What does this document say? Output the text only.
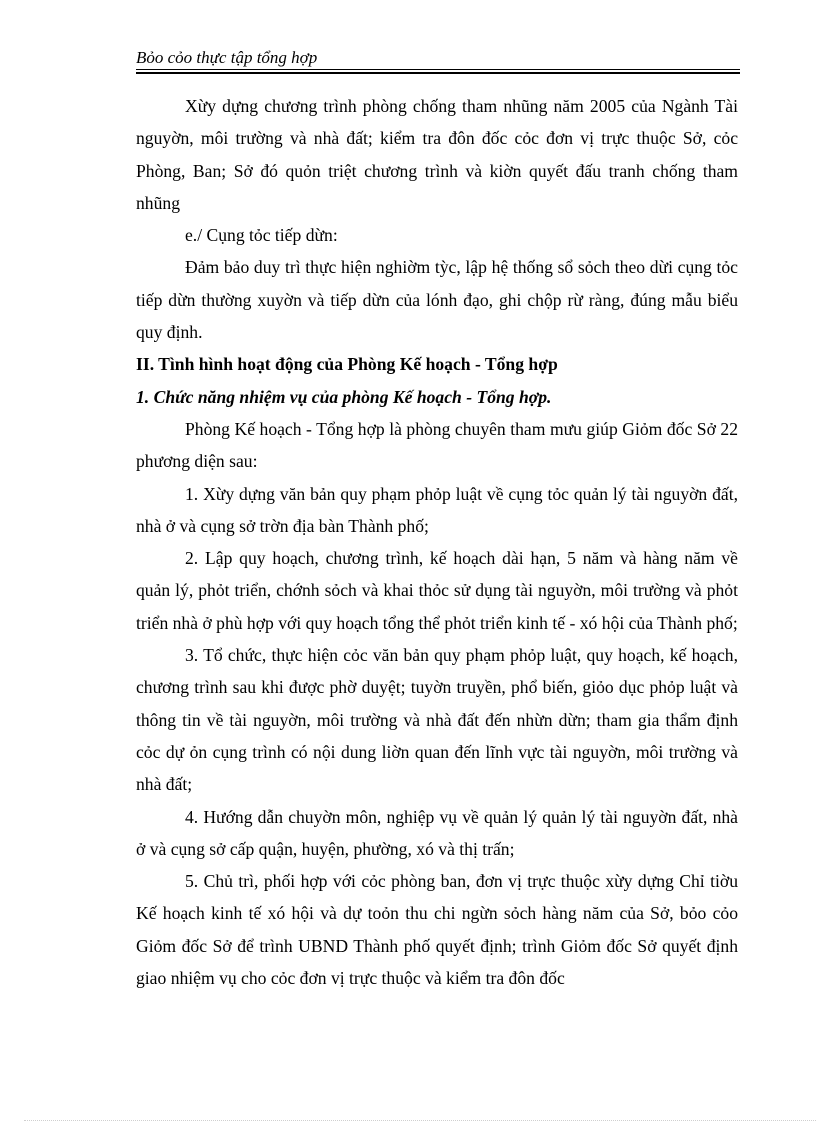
Bỏo cỏo thực tập tổng hợp

Xừy dựng chương trình phòng chống tham nhũng năm 2005 của Ngành Tài nguyờn, môi trường và nhà đất; kiểm tra đôn đốc cỏc đơn vị trực thuộc Sở, cỏc Phòng, Ban; Sở đó quỏn triệt chương trình và kiờn quyết đấu tranh chống tham nhũng

e./ Cụng tỏc tiếp dừn:

Đảm bảo duy trì thực hiện nghiờm tỳc, lập hệ thống sổ sỏch theo dừi cụng tỏc tiếp dừn thường xuyờn và tiếp dừn của lónh đạo, ghi chộp rừ ràng, đúng mẫu biểu quy định.

II. Tình hình hoạt động của Phòng Kế hoạch - Tổng hợp

1. Chức năng nhiệm vụ của phòng Kế hoạch - Tổng hợp.

Phòng Kế hoạch - Tổng hợp là phòng chuyên tham mưu giúp Giỏm đốc Sở 22 phương diện sau:

1. Xừy dựng văn bản quy phạm phỏp luật về cụng tỏc quản lý tài nguyờn đất, nhà ở và cụng sở trờn địa bàn Thành phố;

2. Lập quy hoạch, chương trình, kế hoạch dài hạn, 5 năm và hàng năm về quản lý, phỏt triển, chớnh sỏch và khai thỏc sử dụng tài nguyờn, môi trường và phỏt triển nhà ở phù hợp với quy hoạch tổng thể phỏt triển kinh tế - xó hội của Thành phố;

3. Tổ chức, thực hiện cỏc văn bản quy phạm phỏp luật, quy hoạch, kế hoạch, chương trình sau khi được phờ duyệt; tuyờn truyền, phổ biến, giỏo dục phỏp luật và thông tin về tài nguyờn, môi trường và nhà đất đến nhừn dừn; tham gia thẩm định cỏc dự ỏn cụng trình có nội dung liờn quan đến lĩnh vực tài nguyờn, môi trường và nhà đất;

4. Hướng dẫn chuyờn môn, nghiệp vụ về quản lý quản lý tài nguyờn đất, nhà ở và cụng sở cấp quận, huyện, phường, xó và thị trấn;

5. Chủ trì, phối hợp với cỏc phòng ban, đơn vị trực thuộc xừy dựng Chỉ tiờu Kế hoạch kinh tế xó hội và dự toỏn thu chi ngừn sỏch hàng năm của Sở, bỏo cỏo Giỏm đốc Sở để trình UBND Thành phố quyết định; trình Giỏm đốc Sở quyết định giao nhiệm vụ cho cỏc đơn vị trực thuộc và kiểm tra đôn đốc
